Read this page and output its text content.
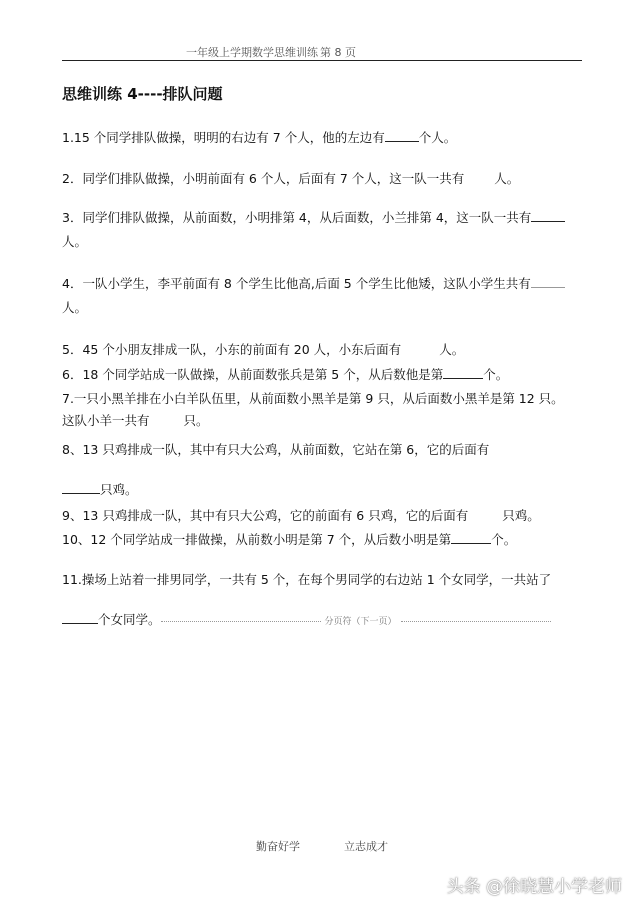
一年级上学期数学思维训练 第 8 页
思维训练 4----排队问题
1.15 个同学排队做操，明明的右边有 7 个人，他的左边有	个人。
2．同学们排队做操，小明前面有 6 个人，后面有 7 个人，这一队一共有 人。
3．同学们排队做操，从前面数，小明排第 4，从后面数，小兰排第 4，这一队一共有
人。
4．一队小学生，李平前面有 8 个学生比他高,后面 5 个学生比他矮，这队小学生共有
人。
5．45 个小朋友排成一队，小东的前面有 20 人，小东后面有	人。
6．18 个同学站成一队做操，从前面数张兵是第 5 个，从后数他是第	个。
7.一只小黑羊排在小白羊队伍里，从前面数小黑羊是第 9 只，从后面数小黑羊是第 12 只。
这队小羊一共有	只。
8、13 只鸡排成一队，其中有只大公鸡，从前面数，它站在第 6，它的后面有
只鸡。
9、13 只鸡排成一队，其中有只大公鸡，它的前面有 6 只鸡，它的后面有	只鸡。
10、12 个同学站成一排做操，从前数小明是第 7 个，从后数小明是第	个。
11.操场上站着一排男同学，一共有 5 个，在每个男同学的右边站 1 个女同学，一共站了
个女同学。	分页符（下一页）
勤奋好学	立志成才
头条 @徐晓慧小学老师
